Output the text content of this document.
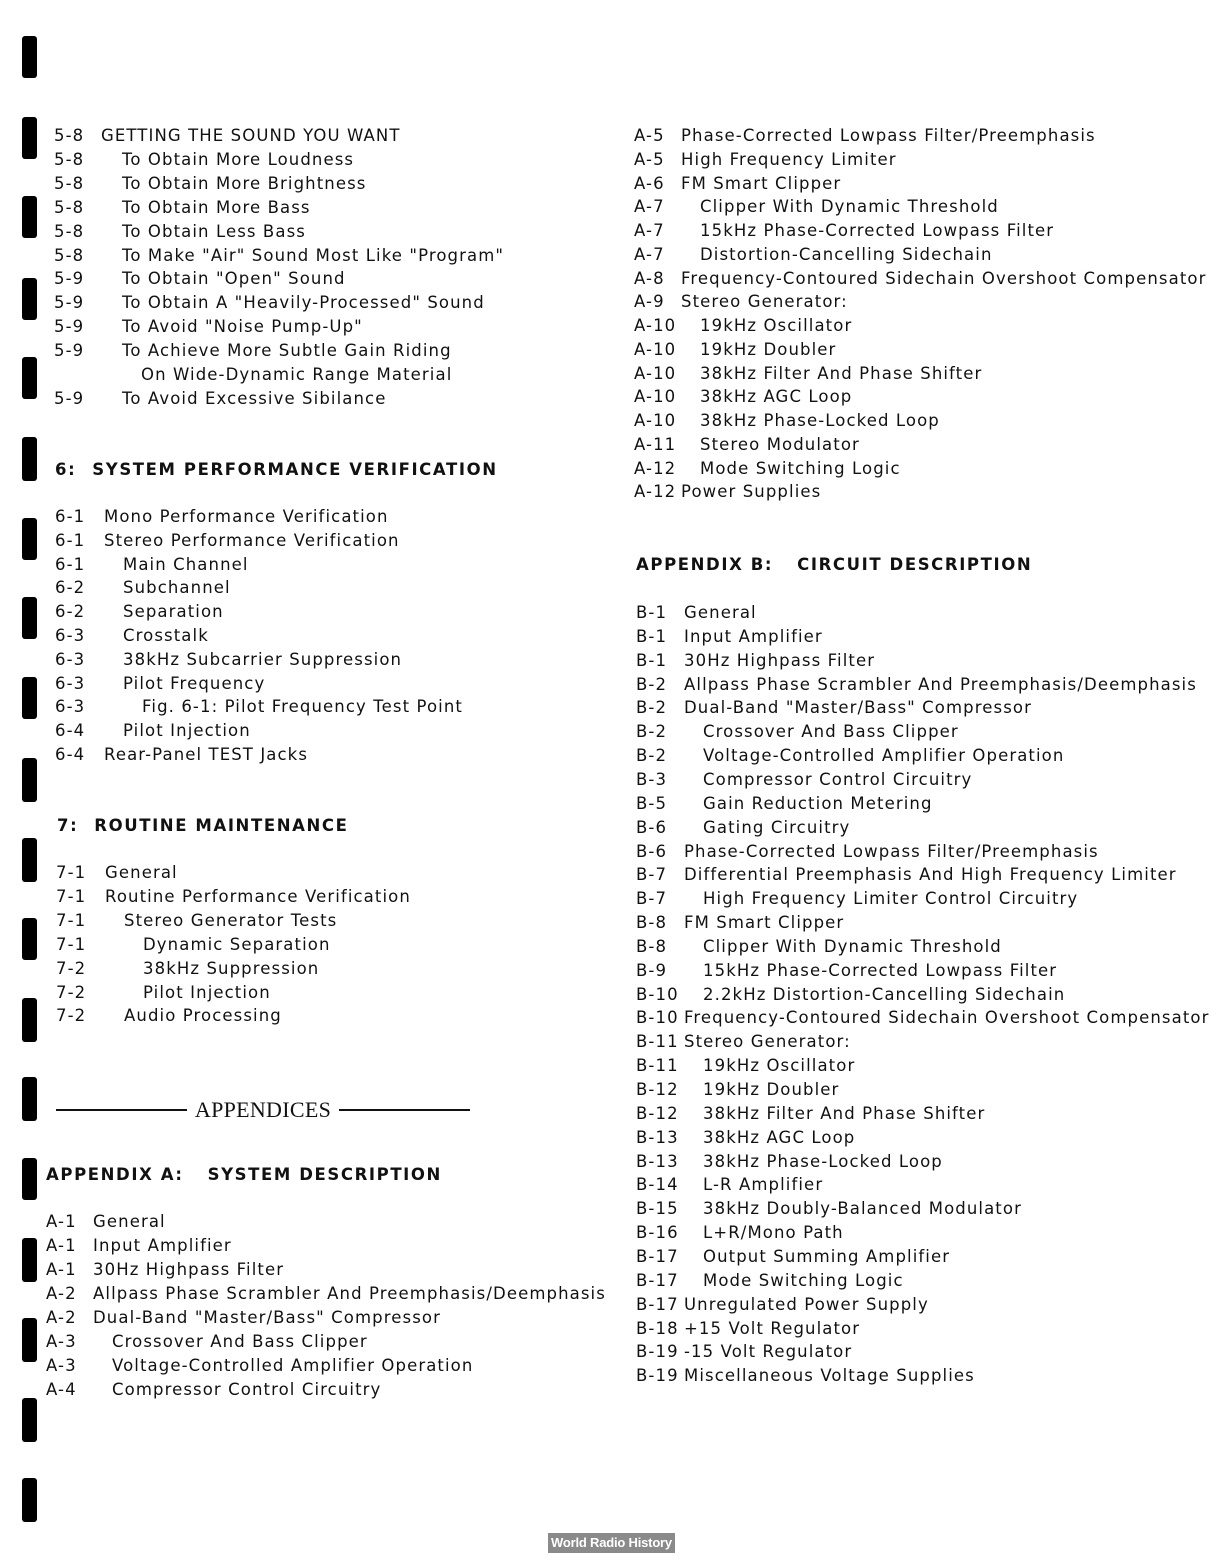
5-8 GETTING THE SOUND YOU WANT
5-8 To Obtain More Loudness
5-8 To Obtain More Brightness
5-8 To Obtain More Bass
5-8 To Obtain Less Bass
5-8 To Make "Air" Sound Most Like "Program"
5-9 To Obtain "Open" Sound
5-9 To Obtain A "Heavily-Processed" Sound
5-9 To Avoid "Noise Pump-Up"
5-9 To Achieve More Subtle Gain Riding
On Wide-Dynamic Range Material
5-9 To Avoid Excessive Sibilance
6: SYSTEM PERFORMANCE VERIFICATION
6-1 Mono Performance Verification
6-1 Stereo Performance Verification
6-1 Main Channel
6-2 Subchannel
6-2 Separation
6-3 Crosstalk
6-3 38kHz Subcarrier Suppression
6-3 Pilot Frequency
6-3	Fig. 6-1: Pilot Frequency Test Point
6-4 Pilot Injection
6-4 Rear-Panel TEST Jacks
7: ROUTINE MAINTENANCE
7-1 General
7-1 Routine Performance Verification
7-1 Stereo Generator Tests
7-1	Dynamic Separation
7-2	38kHz Suppression
7-2	Pilot Injection
7-2 Audio Processing
APPENDICES
APPENDIX A: SYSTEM DESCRIPTION
A-1 General
A-1 Input Amplifier
A-1 30Hz Highpass Filter
A-2 Allpass Phase Scrambler And Preemphasis/Deemphasis
A-2 Dual-Band "Master/Bass" Compressor
A-3 Crossover And Bass Clipper
A-3 Voltage-Controlled Amplifier Operation
A-4 Compressor Control Circuitry
A-5 Phase-Corrected Lowpass Filter/Preemphasis
A-5 High Frequency Limiter
A-6 FM Smart Clipper
A-7 Clipper With Dynamic Threshold
A-7 15kHz Phase-Corrected Lowpass Filter
A-7 Distortion-Cancelling Sidechain
A-8 Frequency-Contoured Sidechain Overshoot Compensator
A-9 Stereo Generator:
A-10 19kHz Oscillator
A-10 19kHz Doubler
A-10 38kHz Filter And Phase Shifter
A-10 38kHz AGC Loop
A-10 38kHz Phase-Locked Loop
A-11 Stereo Modulator
A-12 Mode Switching Logic
A-12 Power Supplies
APPENDIX B: CIRCUIT DESCRIPTION
B-1 General
B-1 Input Amplifier
B-1 30Hz Highpass Filter
B-2 Allpass Phase Scrambler And Preemphasis/Deemphasis
B-2 Dual-Band "Master/Bass" Compressor
B-2 Crossover And Bass Clipper
B-2 Voltage-Controlled Amplifier Operation
B-3 Compressor Control Circuitry
B-5 Gain Reduction Metering
B-6 Gating Circuitry
B-6 Phase-Corrected Lowpass Filter/Preemphasis
B-7 Differential Preemphasis And High Frequency Limiter
B-7 High Frequency Limiter Control Circuitry
B-8 FM Smart Clipper
B-8 Clipper With Dynamic Threshold
B-9 15kHz Phase-Corrected Lowpass Filter
B-10 2.2kHz Distortion-Cancelling Sidechain
B-10 Frequency-Contoured Sidechain Overshoot Compensator
B-11 Stereo Generator:
B-11 19kHz Oscillator
B-12 19kHz Doubler
B-12 38kHz Filter And Phase Shifter
B-13 38kHz AGC Loop
B-13 38kHz Phase-Locked Loop
B-14 L-R Amplifier
B-15 38kHz Doubly-Balanced Modulator
B-16 L+R/Mono Path
B-17 Output Summing Amplifier
B-17 Mode Switching Logic
B-17 Unregulated Power Supply
B-18 +15 Volt Regulator
B-19 -15 Volt Regulator
B-19 Miscellaneous Voltage Supplies
World Radio History
